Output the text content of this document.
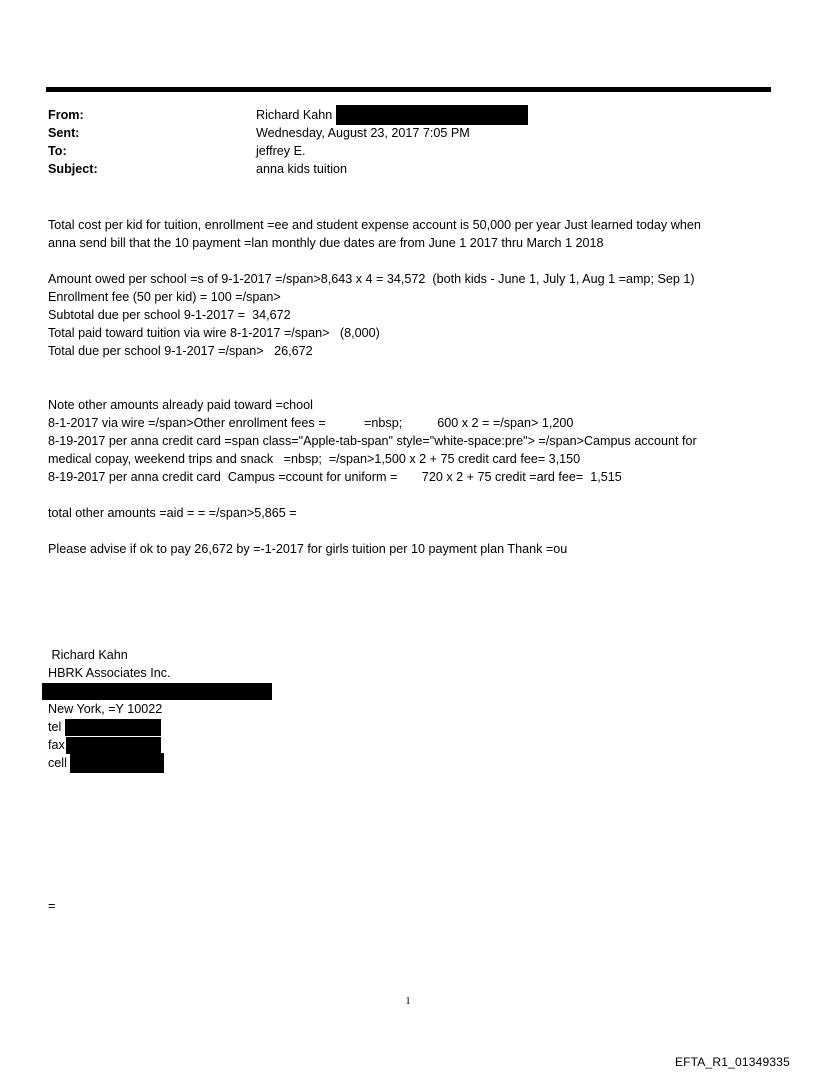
From:	Richard Kahn
Sent:	Wednesday, August 23, 2017 7:05 PM
To:	jeffrey E.
Subject:	anna kids tuition
Total cost per kid for tuition, enrollment =ee and student expense account is 50,000 per year Just learned today when
anna send bill that the 10 payment =lan monthly due dates are from June 1 2017 thru March 1 2018
Amount owed per school =s of 9-1-2017 =/span>8,643 x 4 = 34,572  (both kids - June 1, July 1, Aug 1 =amp; Sep 1)
Enrollment fee (50 per kid) = 100 =/span>
Subtotal due per school 9-1-2017 =  34,672
Total paid toward tuition via wire 8-1-2017 =/span>   (8,000)
Total due per school 9-1-2017 =/span>   26,672
Note other amounts already paid toward =chool
8-1-2017 via wire =/span>Other enrollment fees =           =nbsp;          600 x 2 = =/span> 1,200
8-19-2017 per anna credit card =span class="Apple-tab-span" style="white-space:pre"> =/span>Campus account for
medical copay, weekend trips and snack   =nbsp;  =/span>1,500 x 2 + 75 credit card fee= 3,150
8-19-2017 per anna credit card  Campus =ccount for uniform =       720 x 2 + 75 credit =ard fee=  1,515
total other amounts =aid = = =/span>5,865 =
Please advise if ok to pay 26,672 by =-1-2017 for girls tuition per 10 payment plan Thank =ou
Richard Kahn
HBRK Associates Inc.
New York, =Y 10022
tel
fax
cell
=
1
EFTA_R1_01349335
